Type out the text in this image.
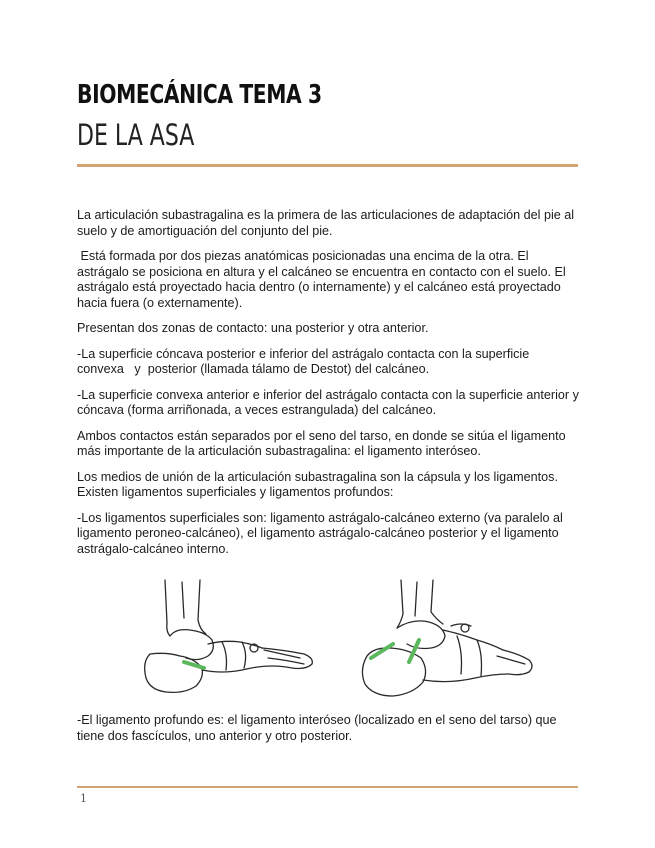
BIOMECÁNICA TEMA 3
DE LA ASA

La articulación subastragalina es la primera de las articulaciones de adaptación del pie al suelo y de amortiguación del conjunto del pie.

Está formada por dos piezas anatómicas posicionadas una encima de la otra. El astrágalo se posiciona en altura y el calcáneo se encuentra en contacto con el suelo. El astrágalo está proyectado hacia dentro (o internamente) y el calcáneo está proyectado hacia fuera (o externamente).

Presentan dos zonas de contacto: una posterior y otra anterior.

-La superficie cóncava posterior e inferior del astrágalo contacta con la superficie convexa   y  posterior (llamada tálamo de Destot) del calcáneo.

-La superficie convexa anterior e inferior del astrágalo contacta con la superficie anterior y    cóncava (forma arriñonada, a veces estrangulada) del calcáneo.

Ambos contactos están separados por el seno del tarso, en donde se sitúa el ligamento más importante de la articulación subastragalina: el ligamento interóseo.

Los medios de unión de la articulación subastragalina son la cápsula y los ligamentos. Existen ligamentos superficiales y ligamentos profundos:

-Los ligamentos superficiales son: ligamento astrágalo-calcáneo externo (va paralelo al ligamento peroneo-calcáneo), el ligamento astrágalo-calcáneo posterior y el ligamento astrágalo-calcáneo interno.

-El ligamento profundo es: el ligamento interóseo (localizado en el seno del tarso) que tiene dos fascículos, uno anterior y otro posterior.

1
